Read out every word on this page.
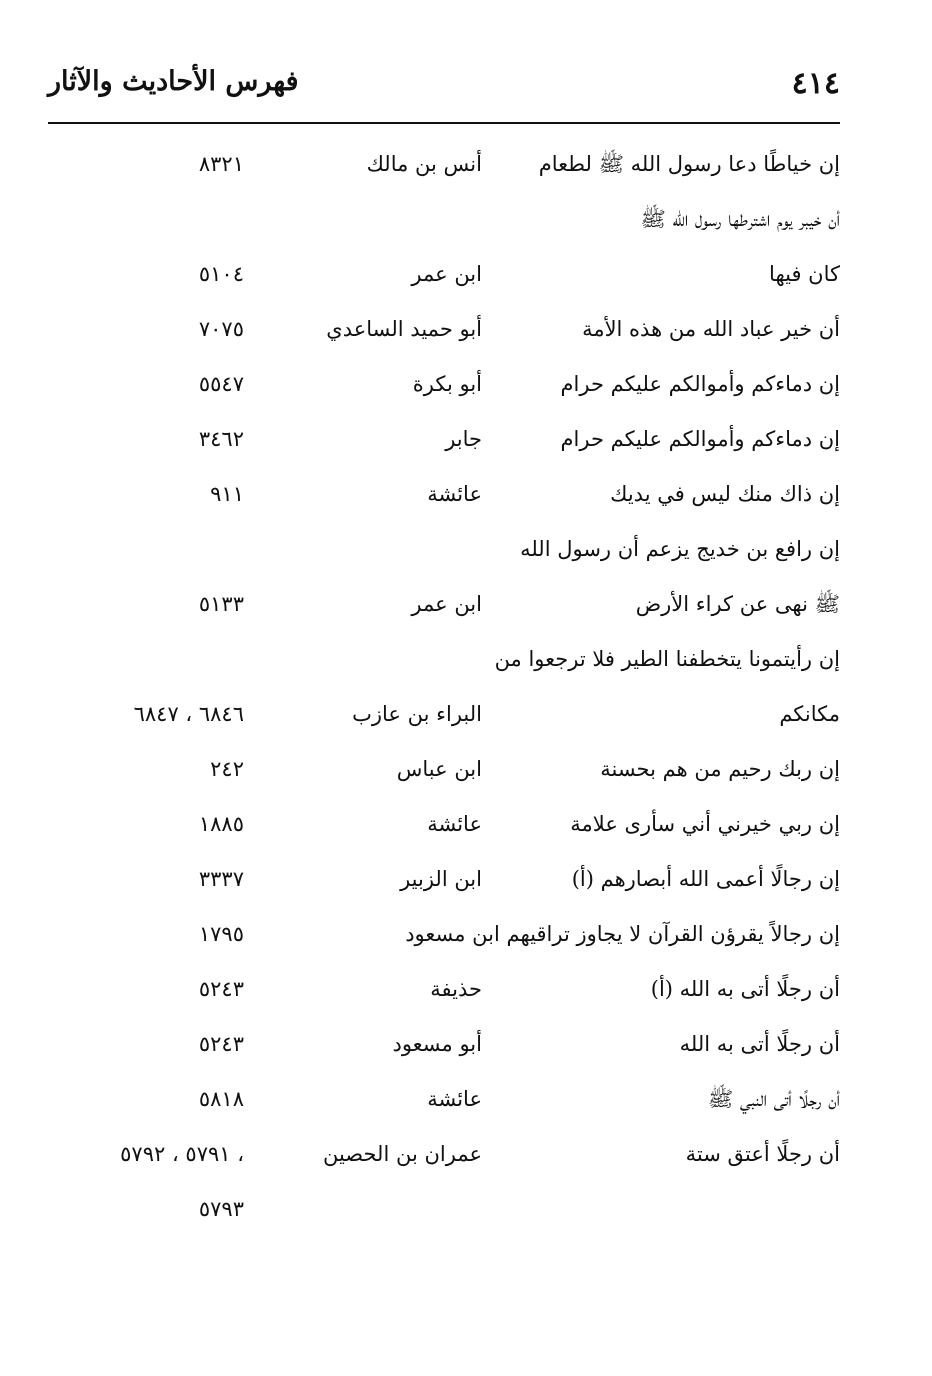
٤١٤
فهرس الأحاديث والآثار
إن خياطًا دعا رسول الله ﷺ لطعام
أنس بن مالك
٨٣٢١
أن خيبر يوم اشترطها رسول الله ﷺ
كان فيها
ابن عمر
٥١٠٤
أن خير عباد الله من هذه الأمة
أبو حميد الساعدي
٧٠٧٥
إن دماءكم وأموالكم عليكم حرام
أبو بكرة
٥٥٤٧
إن دماءكم وأموالكم عليكم حرام
جابر
٣٤٦٢
إن ذاك منك ليس في يديك
عائشة
٩١١
إن رافع بن خديج يزعم أن رسول الله
ﷺ نهى عن كراء الأرض
ابن عمر
٥١٣٣
إن رأيتمونا يتخطفنا الطير فلا ترجعوا من
مكانكم
البراء بن عازب
٦٨٤٦ ، ٦٨٤٧
إن ربك رحيم من هم بحسنة
ابن عباس
٢٤٢
إن ربي خيرني أني سأرى علامة
عائشة
١٨٨٥
إن رجالًا أعمى الله أبصارهم (أ)
ابن الزبير
٣٣٣٧
إن رجالاً يقرؤن القرآن لا يجاوز تراقيهم ابن مسعود
١٧٩٥
أن رجلًا أتى به الله (أ)
حذيفة
٥٢٤٣
أن رجلًا أتى به الله
أبو مسعود
٥٢٤٣
أن رجلًا أتى النبي ﷺ
عائشة
٥٨١٨
أن رجلًا أعتق ستة
عمران بن الحصين
٥٧٩١ ، ٥٧٩٢ ،
٥٧٩٣
